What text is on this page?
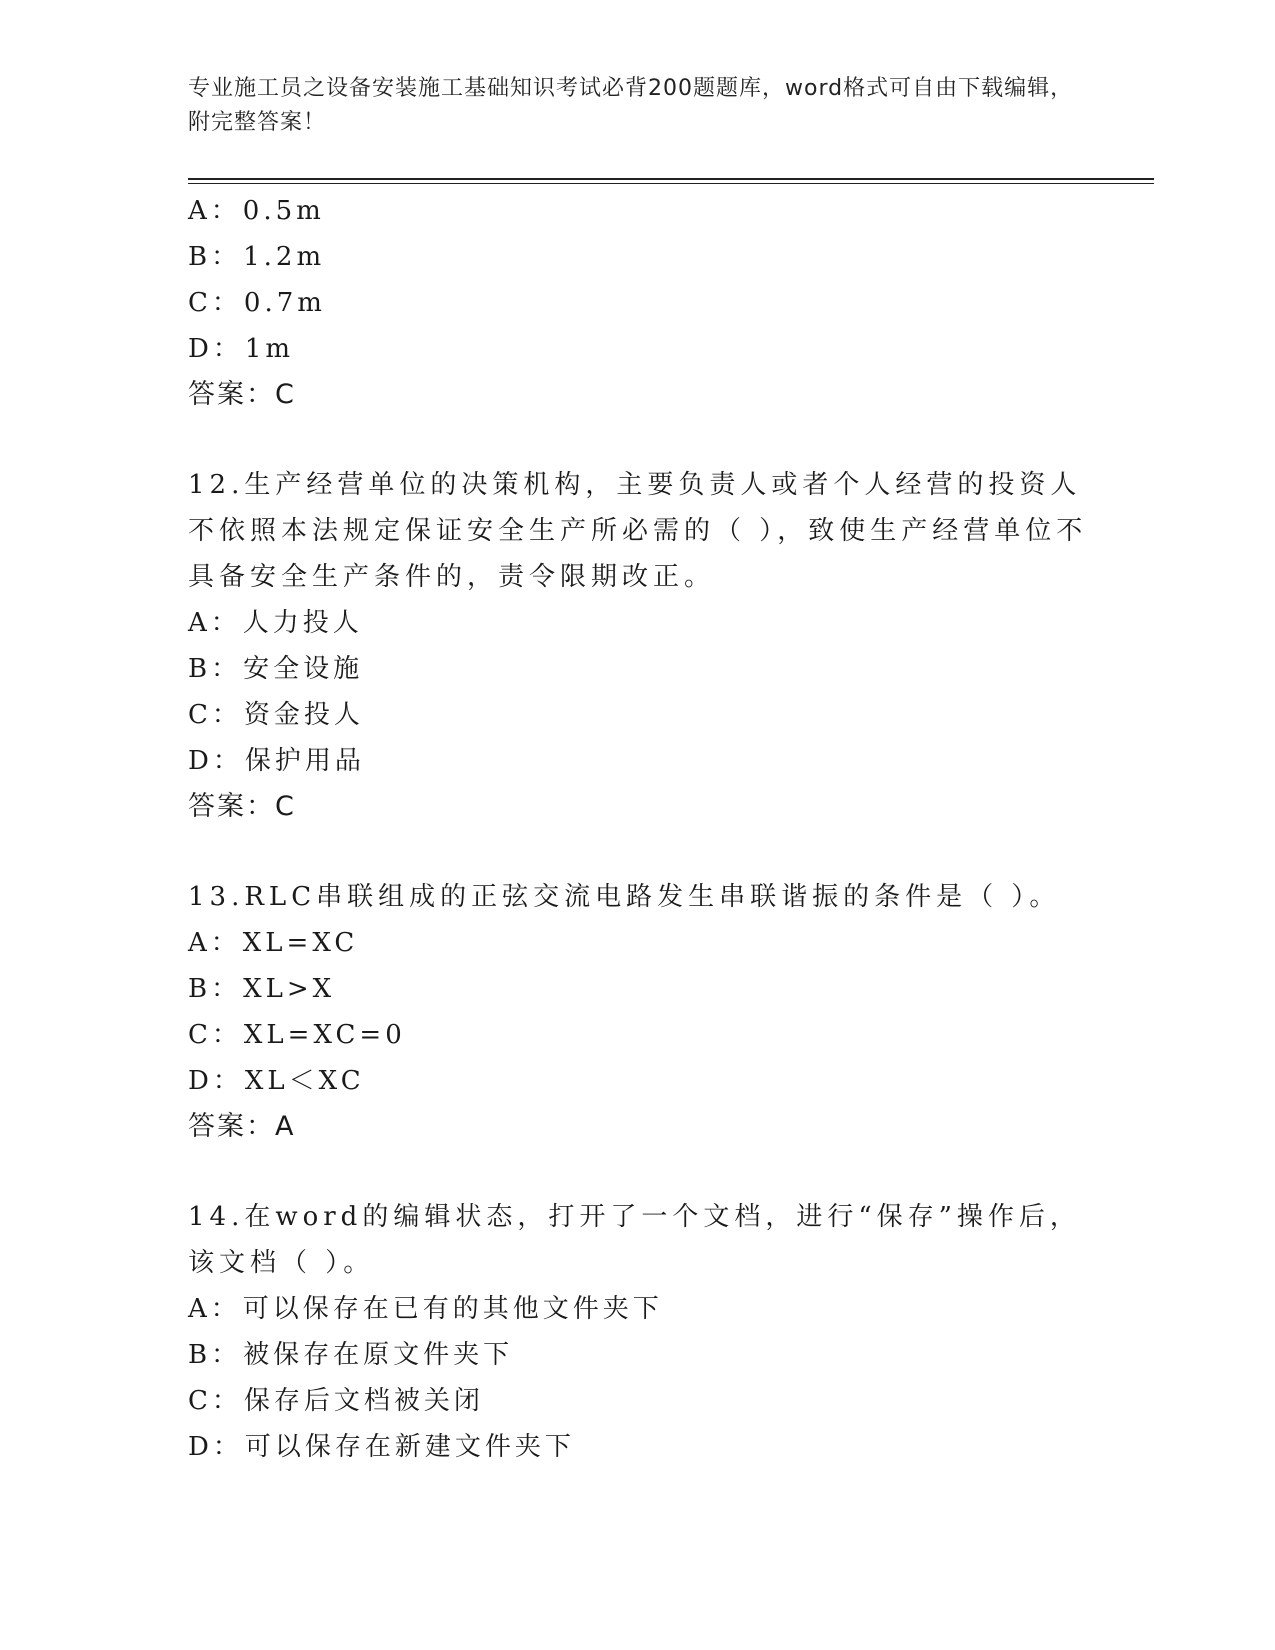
专业施工员之设备安装施工基础知识考试必背200题题库，word格式可自由下载编辑，附完整答案！
A：0.5m
B：1.2m
C：0.7m
D：1m
答案：C
12.生产经营单位的决策机构，主要负责人或者个人经营的投资人不依照本法规定保证安全生产所必需的（ ），致使生产经营单位不具备安全生产条件的，责令限期改正。
A：人力投人
B：安全设施
C：资金投人
D：保护用品
答案：C
13.RLC串联组成的正弦交流电路发生串联谐振的条件是（ ）。
A：XL=XC
B：XL>X
C：XL=XC=0
D：XL＜XC
答案：A
14.在word的编辑状态，打开了一个文档，进行“保存”操作后，该文档（ ）。
A：可以保存在已有的其他文件夹下
B：被保存在原文件夹下
C：保存后文档被关闭
D：可以保存在新建文件夹下
